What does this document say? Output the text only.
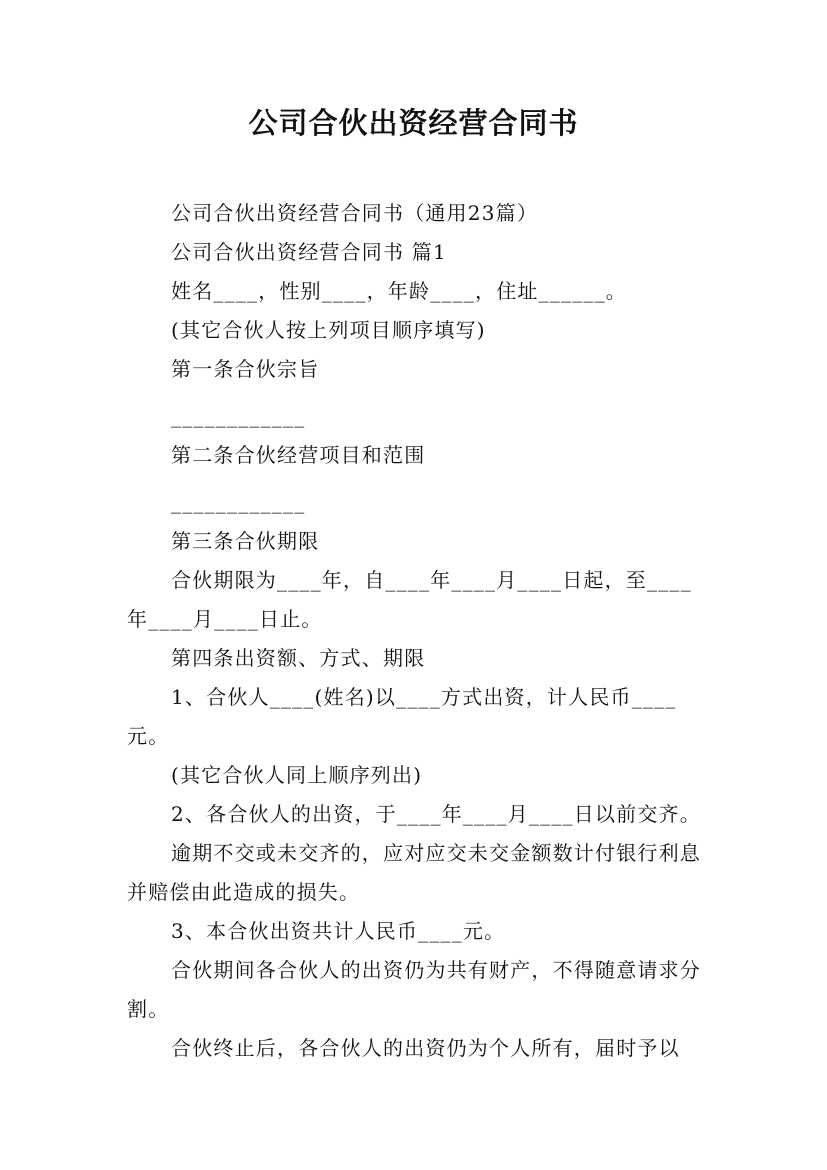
公司合伙出资经营合同书

公司合伙出资经营合同书（通用23篇）

公司合伙出资经营合同书 篇1

姓名____，性别____，年龄____，住址______。

(其它合伙人按上列项目顺序填写)

第一条合伙宗旨

____________

第二条合伙经营项目和范围

____________

第三条合伙期限

合伙期限为____年，自____年____月____日起，至____年____月____日止。

第四条出资额、方式、期限

1、合伙人____(姓名)以____方式出资，计人民币____元。

(其它合伙人同上顺序列出)

2、各合伙人的出资，于____年____月____日以前交齐。

逾期不交或未交齐的，应对应交未交金额数计付银行利息并赔偿由此造成的损失。

3、本合伙出资共计人民币____元。

合伙期间各合伙人的出资仍为共有财产，不得随意请求分割。

合伙终止后，各合伙人的出资仍为个人所有，届时予以
